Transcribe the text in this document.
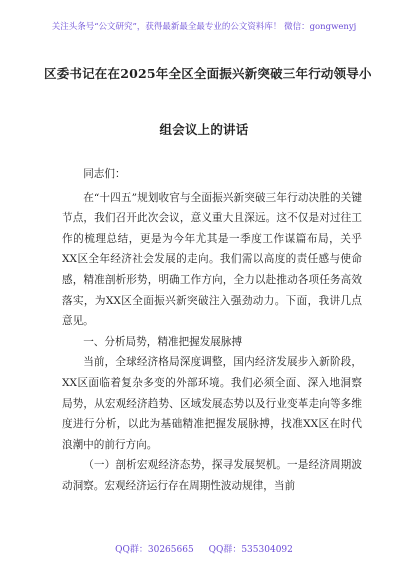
关注头条号“公文研究”，获得最新最全最专业的公文资料库！ 微信：gongwenyj
区委书记在在2025年全区全面振兴新突破三年行动领导小
组会议上的讲话

同志们：

在“十四五”规划收官与全面振兴新突破三年行动决胜的关键节点，我们召开此次会议，意义重大且深远。这不仅是对过往工作的梳理总结，更是为今年尤其是一季度工作谋篇布局，关乎XX区全年经济社会发展的走向。我们需以高度的责任感与使命感，精准剖析形势，明确工作方向，全力以赴推动各项任务高效落实，为XX区全面振兴新突破注入强劲动力。下面，我讲几点意见。

一、分析局势，精准把握发展脉搏

当前，全球经济格局深度调整，国内经济发展步入新阶段，XX区面临着复杂多变的外部环境。我们必须全面、深入地洞察局势，从宏观经济趋势、区域发展态势以及行业变革走向等多维度进行分析，以此为基础精准把握发展脉搏，找准XX区在时代浪潮中的前行方向。

（一）剖析宏观经济态势，探寻发展契机。一是经济周期波动洞察。宏观经济运行存在周期性波动规律，当前

QQ群：30265665 QQ群：535304092
